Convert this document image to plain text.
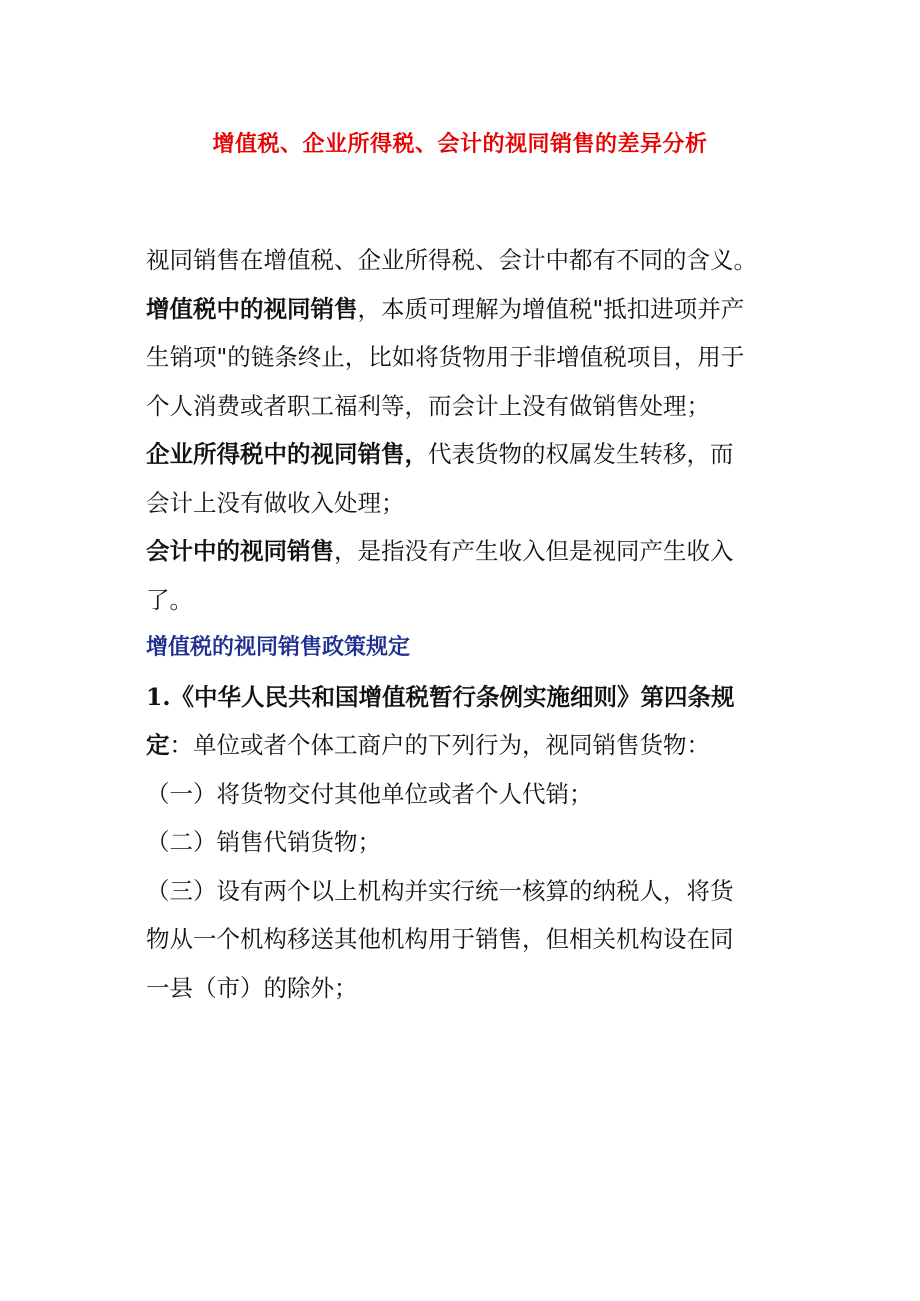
增值税、企业所得税、会计的视同销售的差异分析

视同销售在增值税、企业所得税、会计中都有不同的含义。

增值税中的视同销售，本质可理解为增值税"抵扣进项并产

生销项"的链条终止，比如将货物用于非增值税项目，用于

个人消费或者职工福利等，而会计上没有做销售处理；

企业所得税中的视同销售，代表货物的权属发生转移，而

会计上没有做收入处理；

会计中的视同销售，是指没有产生收入但是视同产生收入

了。

增值税的视同销售政策规定

1.《中华人民共和国增值税暂行条例实施细则》第四条规

定：单位或者个体工商户的下列行为，视同销售货物：

（一）将货物交付其他单位或者个人代销；

（二）销售代销货物；

（三）设有两个以上机构并实行统一核算的纳税人，将货

物从一个机构移送其他机构用于销售，但相关机构设在同

一县（市）的除外；
